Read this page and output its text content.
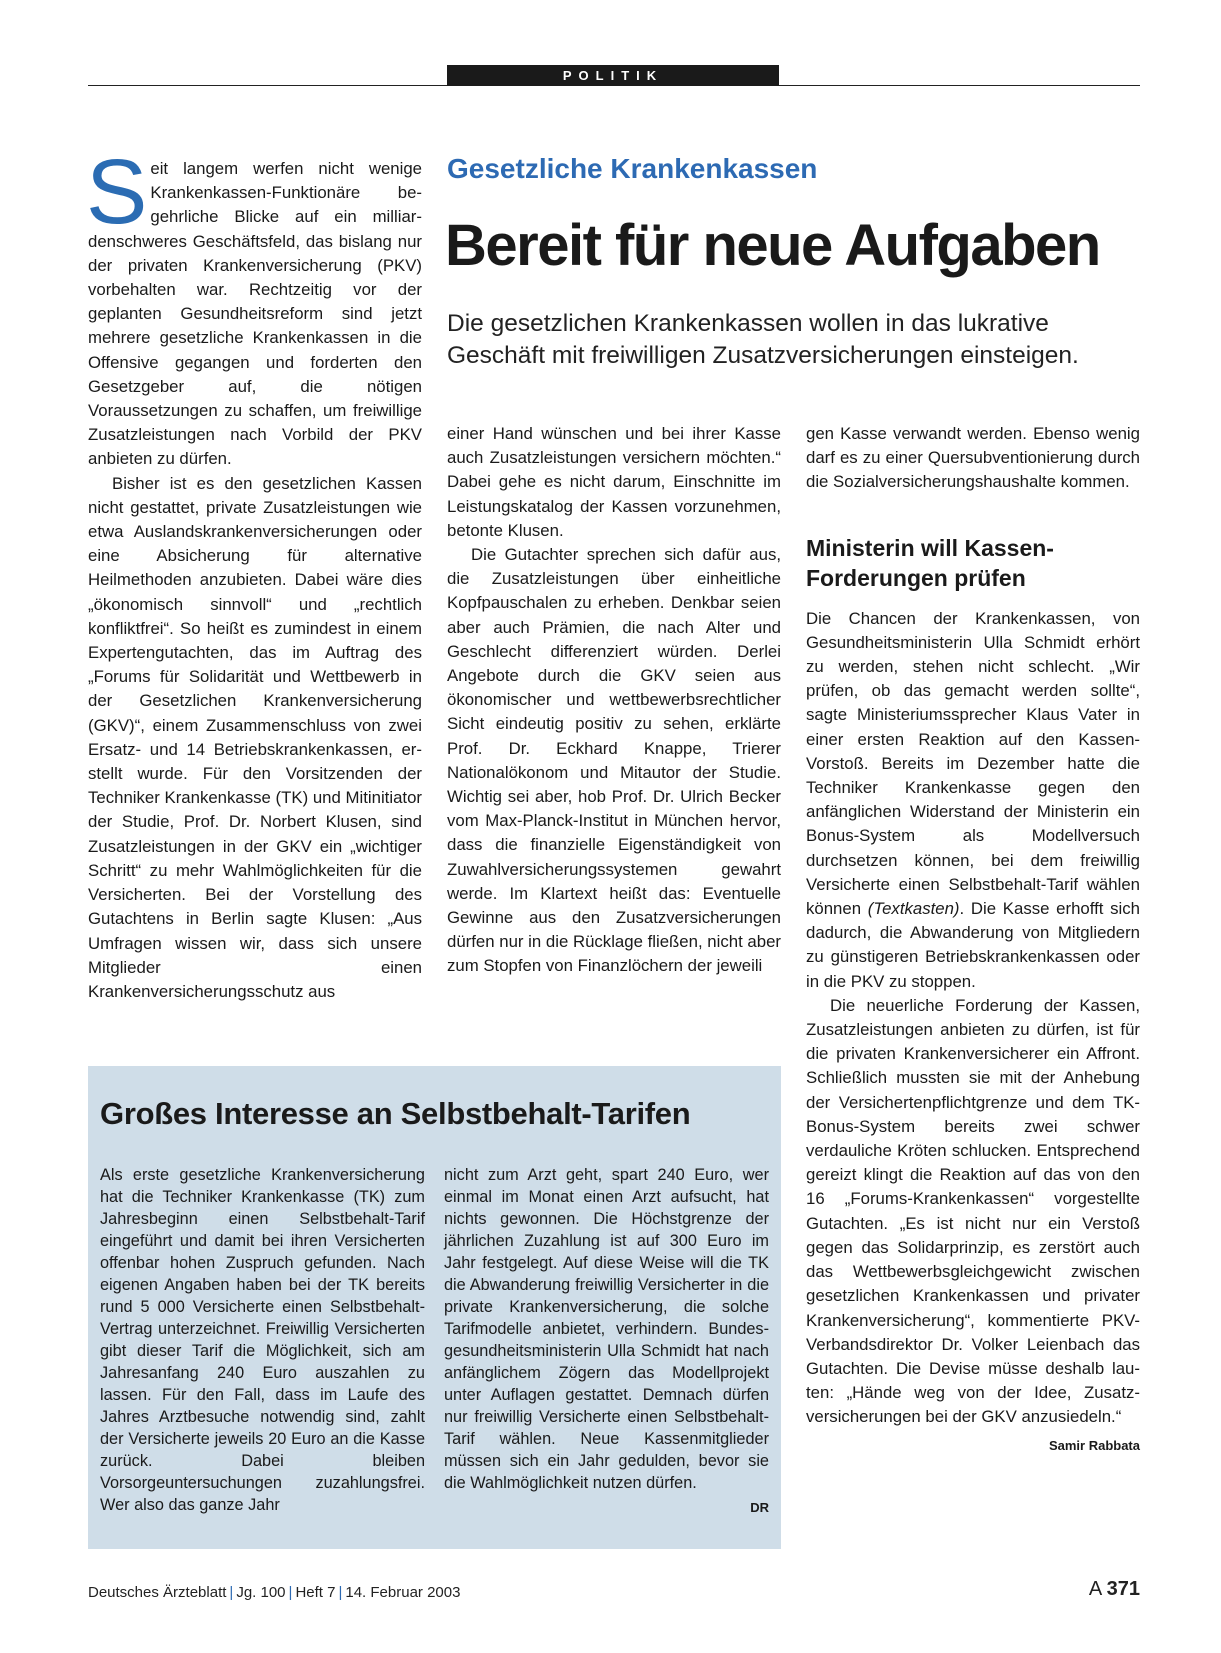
POLITIK
Gesetzliche Krankenkassen
Bereit für neue Aufgaben
Die gesetzlichen Krankenkassen wollen in das lukrative Geschäft mit freiwilligen Zusatzversicherungen einsteigen.

Seit langem werfen nicht wenige Krankenkassen-Funktionäre begehrliche Blicke auf ein milliardenschweres Geschäftsfeld, das bislang nur der privaten Krankenversicherung (PKV) vorbehalten war. Rechtzeitig vor der geplanten Gesundheitsreform sind jetzt mehrere gesetzliche Krankenkassen in die Offensive gegangen und forderten den Gesetzgeber auf, die nötigen Voraussetzungen zu schaffen, um freiwillige Zusatzleistungen nach Vorbild der PKV anbieten zu dürfen.

Bisher ist es den gesetzlichen Kassen nicht gestattet, private Zusatzleistungen wie etwa Auslandskrankenversicherungen oder eine Absicherung für alternative Heilmethoden anzubieten. Dabei wäre dies „ökonomisch sinnvoll“ und „rechtlich konfliktfrei“. So heißt es zumindest in einem Expertengutachten, das im Auftrag des „Forums für Solidarität und Wettbewerb in der Gesetzlichen Krankenversicherung (GKV)“, einem Zusammenschluss von zwei Ersatz- und 14 Betriebskrankenkassen, erstellt wurde. Für den Vorsitzenden der Techniker Krankenkasse (TK) und Mitinitiator der Studie, Prof. Dr. Norbert Klusen, sind Zusatzleistungen in der GKV ein „wichtiger Schritt“ zu mehr Wahlmöglichkeiten für die Versicherten. Bei der Vorstellung des Gutachtens in Berlin sagte Klusen: „Aus Umfragen wissen wir, dass sich unsere Mitglieder einen Krankenversicherungsschutz aus

einer Hand wünschen und bei ihrer Kasse auch Zusatzleistungen versichern möchten.“ Dabei gehe es nicht darum, Einschnitte im Leistungskatalog der Kassen vorzunehmen, betonte Klusen.

Die Gutachter sprechen sich dafür aus, die Zusatzleistungen über einheitliche Kopfpauschalen zu erheben. Denkbar seien aber auch Prämien, die nach Alter und Geschlecht differenziert würden. Derlei Angebote durch die GKV seien aus ökonomischer und wettbewerbsrechtlicher Sicht eindeutig positiv zu sehen, erklärte Prof. Dr. Eckhard Knappe, Trierer Nationalökonom und Mitautor der Studie. Wichtig sei aber, hob Prof. Dr. Ulrich Becker vom Max-Planck-Institut in München hervor, dass die finanzielle Eigenständigkeit von Zuwahlversicherungssystemen gewahrt werde. Im Klartext heißt das: Eventuelle Gewinne aus den Zusatzversicherungen dürfen nur in die Rücklage fließen, nicht aber zum Stopfen von Finanzlöchern der jeweili

gen Kasse verwandt werden. Ebenso wenig darf es zu einer Quersubventionierung durch die Sozialversicherungshaushalte kommen.

Ministerin will Kassen-Forderungen prüfen

Die Chancen der Krankenkassen, von Gesundheitsministerin Ulla Schmidt erhört zu werden, stehen nicht schlecht. „Wir prüfen, ob das gemacht werden sollte“, sagte Ministeriumssprecher Klaus Vater in einer ersten Reaktion auf den Kassen-Vorstoß. Bereits im Dezember hatte die Techniker Krankenkasse gegen den anfänglichen Widerstand der Ministerin ein Bonus-System als Modellversuch durchsetzen können, bei dem freiwillig Versicherte einen Selbstbehalt-Tarif wählen können (Textkasten). Die Kasse erhofft sich dadurch, die Abwanderung von Mitgliedern zu günstigeren Betriebskrankenkassen oder in die PKV zu stoppen.

Die neuerliche Forderung der Kassen, Zusatzleistungen anbieten zu dürfen, ist für die privaten Krankenversicherer ein Affront. Schließlich mussten sie mit der Anhebung der Versichertenpflichtgrenze und dem TK-Bonus-System bereits zwei schwer verdauliche Kröten schlucken. Entsprechend gereizt klingt die Reaktion auf das von den 16 „Forums-Krankenkassen“ vorgestellte Gutachten. „Es ist nicht nur ein Verstoß gegen das Solidarprinzip, es zerstört auch das Wettbewerbsgleichgewicht zwischen gesetzlichen Krankenkassen und privater Krankenversicherung“, kommentierte PKV-Verbandsdirektor Dr. Volker Leienbach das Gutachten. Die Devise müsse deshalb lauten: „Hände weg von der Idee, Zusatzversicherungen bei der GKV anzusiedeln.“

Samir Rabbata
Großes Interesse an Selbstbehalt-Tarifen

Als erste gesetzliche Krankenversicherung hat die Techniker Krankenkasse (TK) zum Jahresbeginn einen Selbstbehalt-Tarif eingeführt und damit bei ihren Versicherten offenbar hohen Zuspruch gefunden. Nach eigenen Angaben haben bei der TK bereits rund 5 000 Versicherte einen Selbstbehalt-Vertrag unterzeichnet. Freiwillig Versicherten gibt dieser Tarif die Möglichkeit, sich am Jahresanfang 240 Euro auszahlen zu lassen. Für den Fall, dass im Laufe des Jahres Arztbesuche notwendig sind, zahlt der Versicherte jeweils 20 Euro an die Kasse zurück. Dabei bleiben Vorsorgeuntersuchungen zuzahlungsfrei. Wer also das ganze Jahr

nicht zum Arzt geht, spart 240 Euro, wer einmal im Monat einen Arzt aufsucht, hat nichts gewonnen. Die Höchstgrenze der jährlichen Zuzahlung ist auf 300 Euro im Jahr festgelegt. Auf diese Weise will die TK die Abwanderung freiwillig Versicherter in die private Krankenversicherung, die solche Tarifmodelle anbietet, verhindern. Bundesgesundheitsministerin Ulla Schmidt hat nach anfänglichem Zögern das Modellprojekt unter Auflagen gestattet. Demnach dürfen nur freiwillig Versicherte einen Selbstbehalt-Tarif wählen. Neue Kassenmitglieder müssen sich ein Jahr gedulden, bevor sie die Wahlmöglichkeit nutzen dürfen.

DR
Deutsches Ärzteblatt | Jg. 100 | Heft 7 | 14. Februar 2003	A 371
